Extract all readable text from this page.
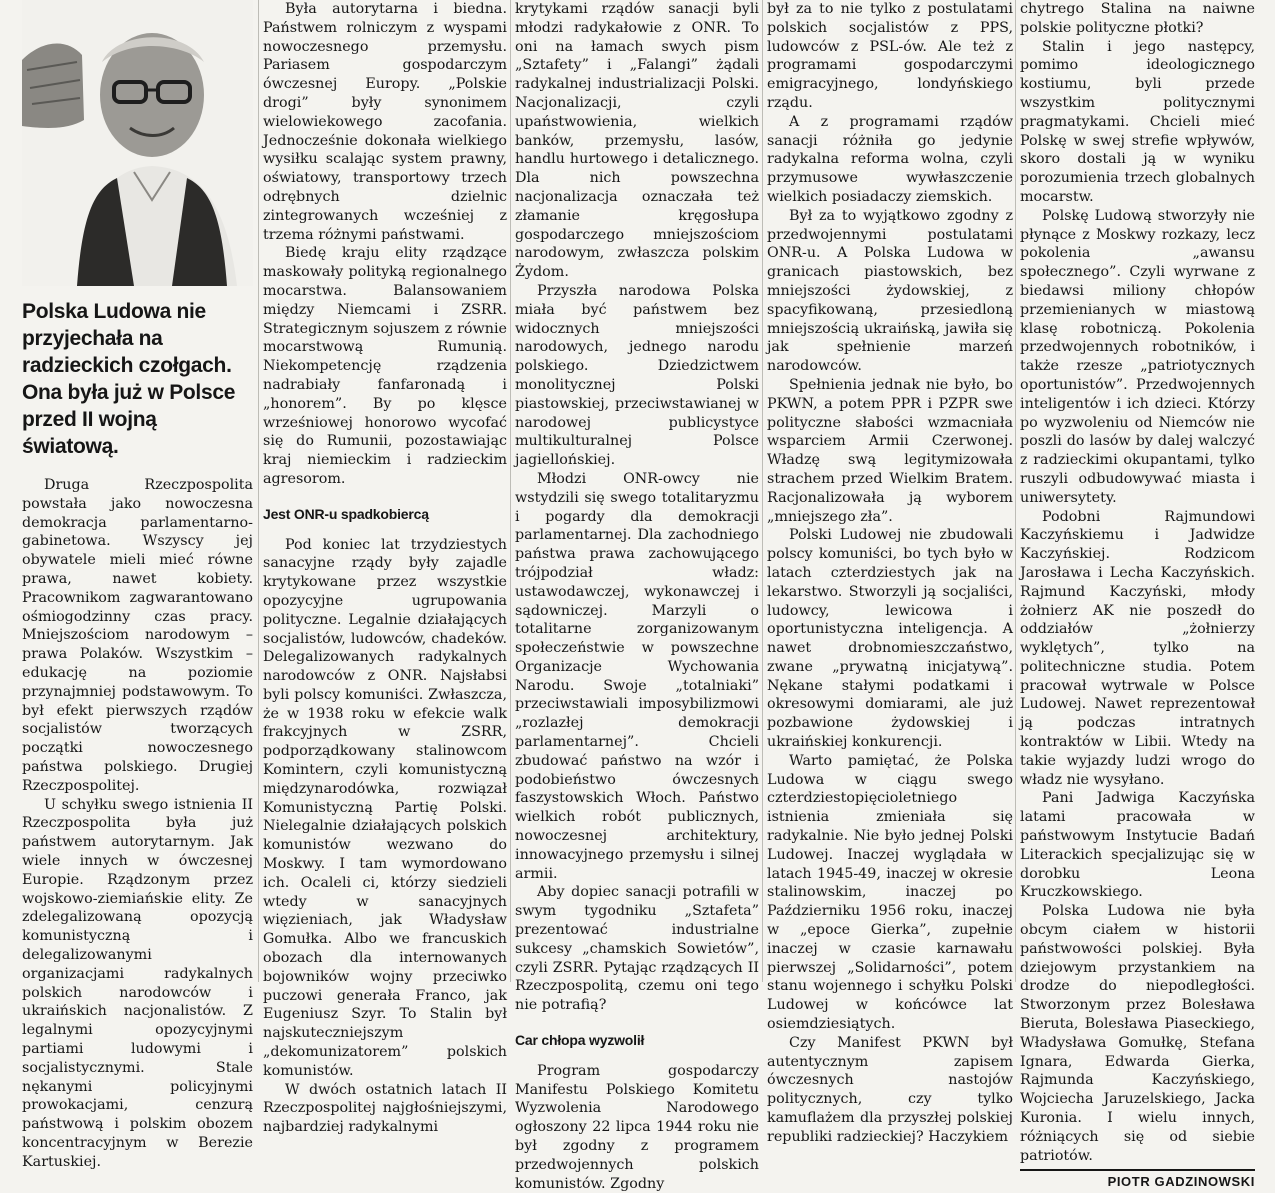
Polska Ludowa nie przyjechała na radzieckich czołgach. Ona była już w Polsce przed II wojną światową.

Druga Rzeczpospolita powstała jako nowoczesna demokracja parlamentarno-gabinetowa. Wszyscy jej obywatele mieli mieć równe prawa, nawet kobiety. Pracownikom zagwarantowano ośmiogodzinny czas pracy. Mniejszościom narodowym – prawa Polaków. Wszystkim – edukację na poziomie przynajmniej podstawowym. To był efekt pierwszych rządów socjalistów tworzących początki nowoczesnego państwa polskiego. Drugiej Rzeczpospolitej.

U schyłku swego istnienia II Rzeczpospolita była już państwem autorytarnym. Jak wiele innych w ówczesnej Europie. Rządzonym przez wojskowo-ziemiańskie elity. Ze zdelegalizowaną opozycją komunistyczną i delegalizowanymi organizacjami radykalnych polskich narodowców i ukraińskich nacjonalistów. Z legalnymi opozycyjnymi partiami ludowymi i socjalistycznymi. Stale nękanymi policyjnymi prowokacjami, cenzurą państwową i polskim obozem koncentracyjnym w Berezie Kartuskiej.

Była autorytarna i biedna. Państwem rolniczym z wyspami nowoczesnego przemysłu. Pariasem gospodarczym ówczesnej Europy. „Polskie drogi” były synonimem wielowiekowego zacofania. Jednocześnie dokonała wielkiego wysiłku scalając system prawny, oświatowy, transportowy trzech odrębnych dzielnic zintegrowanych wcześniej z trzema różnymi państwami.

Biedę kraju elity rządzące maskowały polityką regionalnego mocarstwa. Balansowaniem między Niemcami i ZSRR. Strategicznym sojuszem z równie mocarstwową Rumunią. Niekompetencję rządzenia nadrabiały fanfaronadą i „honorem”. By po klęsce wrześniowej honorowo wycofać się do Rumunii, pozostawiając kraj niemieckim i radzieckim agresorom.

Jest ONR-u spadkobiercą

Pod koniec lat trzydziestych sanacyjne rządy były zajadle krytykowane przez wszystkie opozycyjne ugrupowania polityczne. Legalnie działających socjalistów, ludowców, chadeków. Delegalizowanych radykalnych narodowców z ONR. Najsłabsi byli polscy komuniści. Zwłaszcza, że w 1938 roku w efekcie walk frakcyjnych w ZSRR, podporządkowany stalinowcom Komintern, czyli komunistyczną międzynarodówka, rozwiązał Komunistyczną Partię Polski. Nielegalnie działających polskich komunistów wezwano do Moskwy. I tam wymordowano ich. Ocaleli ci, którzy siedzieli wtedy w sanacyjnych więzieniach, jak Władysław Gomułka. Albo we francuskich obozach dla internowanych bojowników wojny przeciwko puczowi generała Franco, jak Eugeniusz Szyr. To Stalin był najskuteczniejszym „dekomunizatorem” polskich komunistów.

W dwóch ostatnich latach II Rzeczpospolitej najgłośniejszymi, najbardziej radykalnymi

krytykami rządów sanacji byli młodzi radykałowie z ONR. To oni na łamach swych pism „Sztafety” i „Falangi” żądali radykalnej industrializacji Polski. Nacjonalizacji, czyli upaństwowienia, wielkich banków, przemysłu, lasów, handlu hurtowego i detalicznego. Dla nich powszechna nacjonalizacja oznaczała też złamanie kręgosłupa gospodarczego mniejszościom narodowym, zwłaszcza polskim Żydom.

Przyszła narodowa Polska miała być państwem bez widocznych mniejszości narodowych, jednego narodu polskiego. Dziedzictwem monolitycznej Polski piastowskiej, przeciwstawianej w narodowej publicystyce multikulturalnej Polsce jagiellońskiej.

Młodzi ONR-owcy nie wstydzili się swego totalitaryzmu i pogardy dla demokracji parlamentarnej. Dla zachodniego państwa prawa zachowującego trójpodział władz: ustawodawczej, wykonawczej i sądowniczej. Marzyli o totalitarne zorganizowanym społeczeństwie w powszechne Organizacje Wychowania Narodu. Swoje „totalniaki” przeciwstawiali imposybilizmowi „rozlazłej demokracji parlamentarnej”. Chcieli zbudować państwo na wzór i podobieństwo ówczesnych faszystowskich Włoch. Państwo wielkich robót publicznych, nowoczesnej architektury, innowacyjnego przemysłu i silnej armii.

Aby dopiec sanacji potrafili w swym tygodniku „Sztafeta” prezentować industrialne sukcesy „chamskich Sowietów”, czyli ZSRR. Pytając rządzących II Rzeczpospolitą, czemu oni tego nie potrafią?

Car chłopa wyzwolił

Program gospodarczy Manifestu Polskiego Komitetu Wyzwolenia Narodowego ogłoszony 22 lipca 1944 roku nie był zgodny z programem przedwojennych polskich komunistów. Zgodny

był za to nie tylko z postulatami polskich socjalistów z PPS, ludowców z PSL-ów. Ale też z programami gospodarczymi emigracyjnego, londyńskiego rządu.

A z programami rządów sanacji różniła go jedynie radykalna reforma wolna, czyli przymusowe wywłaszczenie wielkich posiadaczy ziemskich.

Był za to wyjątkowo zgodny z przedwojennymi postulatami ONR-u. A Polska Ludowa w granicach piastowskich, bez mniejszości żydowskiej, z spacyfikowaną, przesiedloną mniejszością ukraińską, jawiła się jak spełnienie marzeń narodowców.

Spełnienia jednak nie było, bo PKWN, a potem PPR i PZPR swe polityczne słabości wzmacniała wsparciem Armii Czerwonej. Władzę swą legitymizowała strachem przed Wielkim Bratem. Racjonalizowała ją wyborem „mniejszego zła”.

Polski Ludowej nie zbudowali polscy komuniści, bo tych było w latach czterdziestych jak na lekarstwo. Stworzyli ją socjaliści, ludowcy, lewicowa i oportunistyczna inteligencja. A nawet drobnomieszczaństwo, zwane „prywatną inicjatywą”. Nękane stałymi podatkami i okresowymi domiarami, ale już pozbawione żydowskiej i ukraińskiej konkurencji.

Warto pamiętać, że Polska Ludowa w ciągu swego czterdziestopięcioletniego istnienia zmieniała się radykalnie. Nie było jednej Polski Ludowej. Inaczej wyglądała w latach 1945-49, inaczej w okresie stalinowskim, inaczej po Październiku 1956 roku, inaczej w „epoce Gierka”, zupełnie inaczej w czasie karnawału pierwszej „Solidarności”, potem stanu wojennego i schyłku Polski Ludowej w końcówce lat osiemdziesiątych.

Czy Manifest PKWN był autentycznym zapisem ówczesnych nastojów politycznych, czy tylko kamuflażem dla przyszłej polskiej republiki radzieckiej? Haczykiem

chytrego Stalina na naiwne polskie polityczne płotki?

Stalin i jego następcy, pomimo ideologicznego kostiumu, byli przede wszystkim politycznymi pragmatykami. Chcieli mieć Polskę w swej strefie wpływów, skoro dostali ją w wyniku porozumienia trzech globalnych mocarstw.

Polskę Ludową stworzyły nie płynące z Moskwy rozkazy, lecz pokolenia „awansu społecznego”. Czyli wyrwane z biedawsi miliony chłopów przemienianych w miastową klasę robotniczą. Pokolenia przedwojennych robotników, i także rzesze „patriotycznych oportunistów”. Przedwojennych inteligentów i ich dzieci. Którzy po wyzwoleniu od Niemców nie poszli do lasów by dalej walczyć z radzieckimi okupantami, tylko ruszyli odbudowywać miasta i uniwersytety.

Podobni Rajmundowi Kaczyńskiemu i Jadwidze Kaczyńskiej. Rodzicom Jarosława i Lecha Kaczyńskich. Rajmund Kaczyński, młody żołnierz AK nie poszedł do oddziałów „żołnierzy wyklętych”, tylko na politechniczne studia. Potem pracował wytrwale w Polsce Ludowej. Nawet reprezentował ją podczas intratnych kontraktów w Libii. Wtedy na takie wyjazdy ludzi wrogo do władz nie wysyłano.

Pani Jadwiga Kaczyńska latami pracowała w państwowym Instytucie Badań Literackich specjalizując się w dorobku Leona Kruczkowskiego.

Polska Ludowa nie była obcym ciałem w historii państwowości polskiej. Była dziejowym przystankiem na drodze do niepodległości. Stworzonym przez Bolesława Bieruta, Bolesława Piaseckiego, Władysława Gomułkę, Stefana Ignara, Edwarda Gierka, Rajmunda Kaczyńskiego, Wojciecha Jaruzelskiego, Jacka Kuronia. I wielu innych, różniących się od siebie patriotów.

PIOTR GADZINOWSKI
